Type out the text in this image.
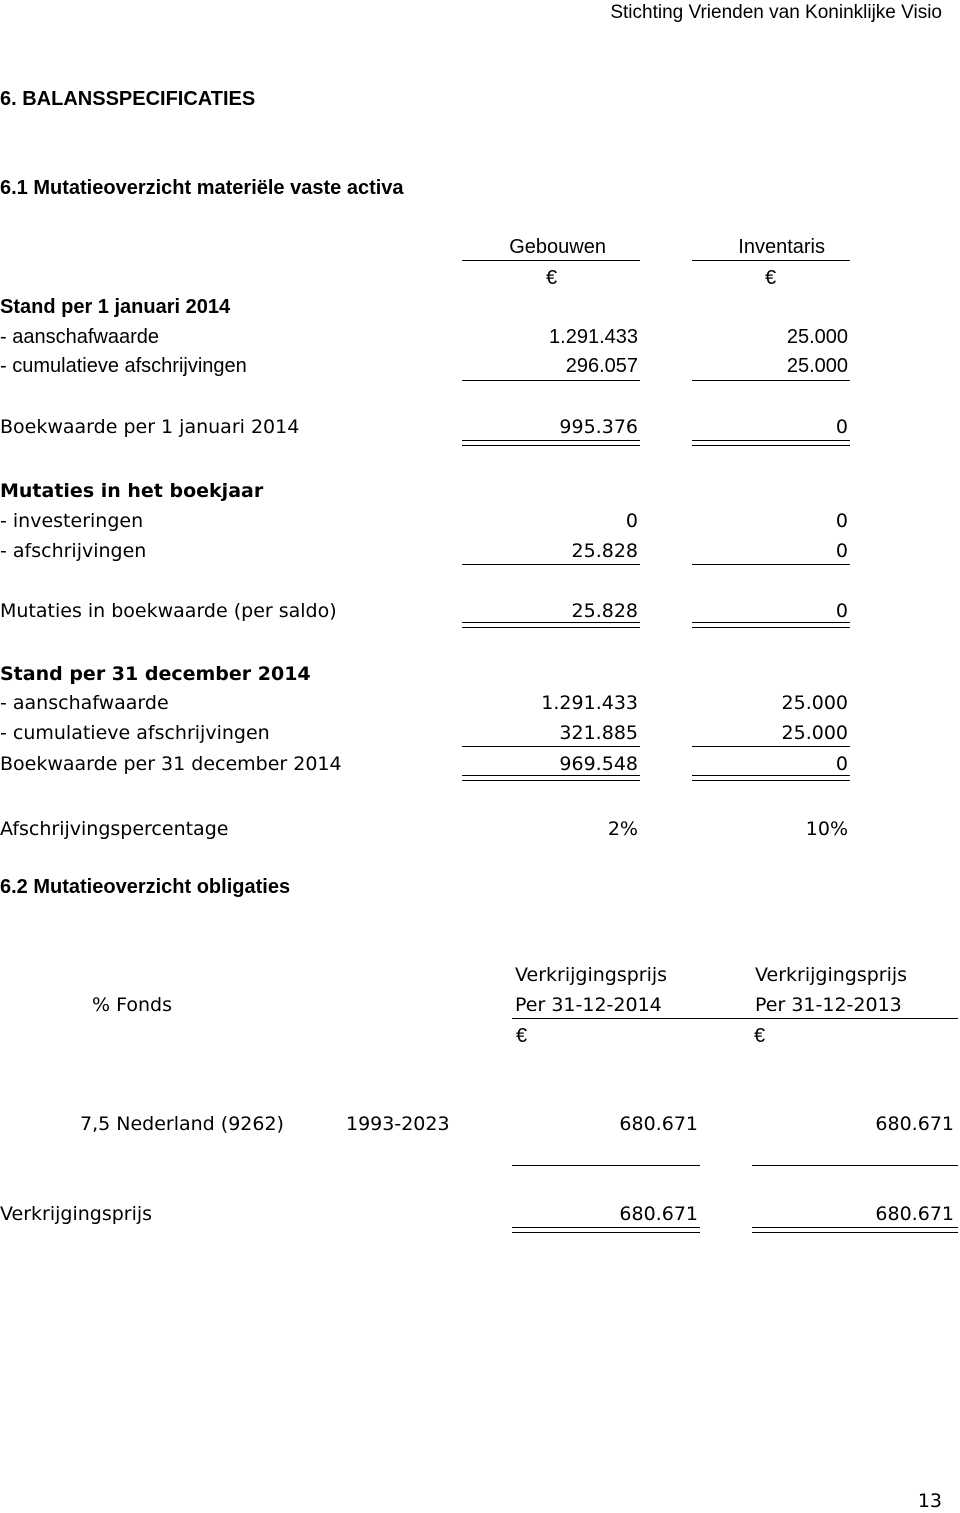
Stichting Vrienden van Koninklijke Visio
6. BALANSSPECIFICATIES
6.1 Mutatieoverzicht materiële vaste activa
Gebouwen	Inventaris
€	€
Stand per 1 januari 2014
- aanschafwaarde	1.291.433	25.000
- cumulatieve afschrijvingen	296.057	25.000
Boekwaarde per 1 januari 2014	995.376	0
Mutaties in het boekjaar
- investeringen	0	0
- afschrijvingen	25.828	0
Mutaties in boekwaarde (per saldo)	25.828	0
Stand per 31 december 2014
- aanschafwaarde	1.291.433	25.000
- cumulatieve afschrijvingen	321.885	25.000
Boekwaarde per 31 december 2014	969.548	0
Afschrijvingspercentage	2%	10%
6.2 Mutatieoverzicht obligaties
Verkrijgingsprijs	Verkrijgingsprijs
% Fonds	Per 31-12-2014	Per 31-12-2013
€	€
7,5 Nederland (9262)	1993-2023	680.671	680.671
Verkrijgingsprijs	680.671	680.671
13
